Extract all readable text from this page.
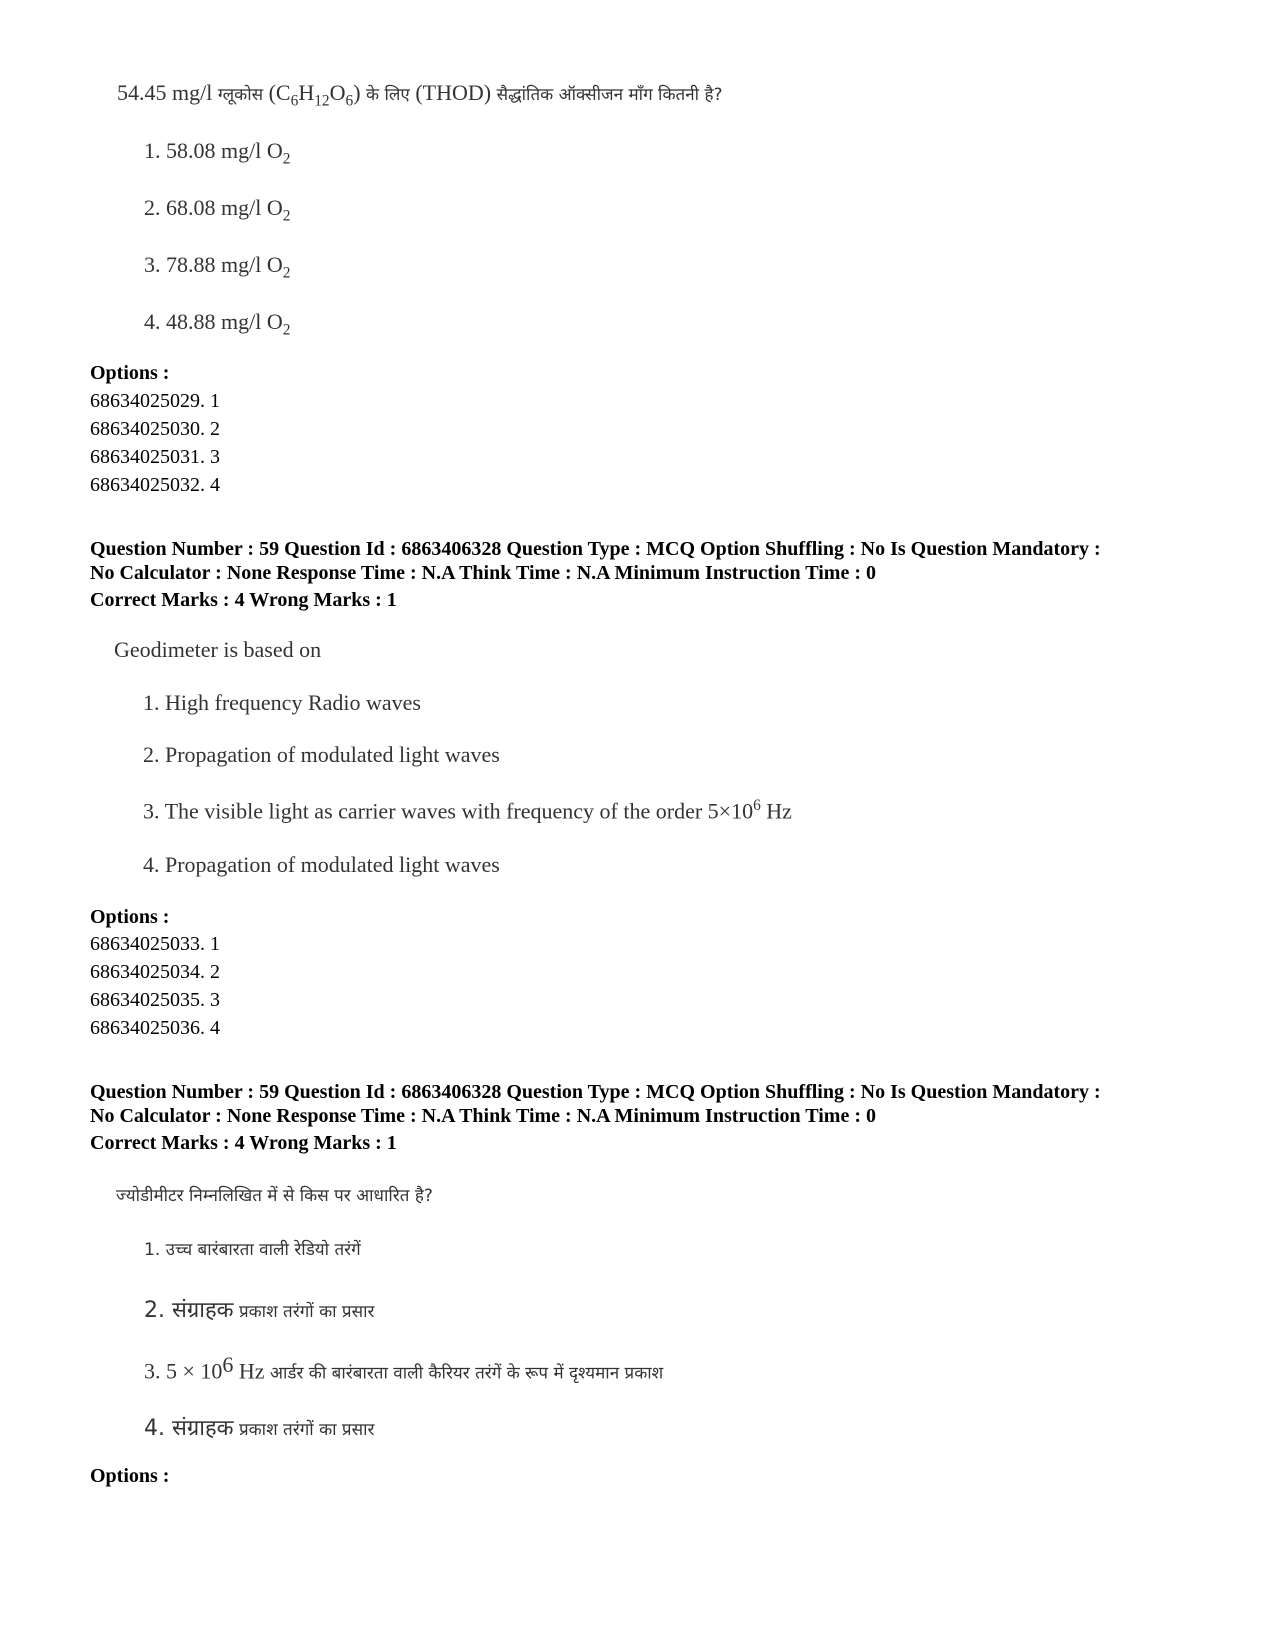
54.45 mg/l ग्लूकोस $(C_6H_{12}O_6)$ के लिए (THOD) सैद्धांतिक ऑक्सीजन माँग कितनी है?
1. 58.08 mg/l $O_2$
2. 68.08 mg/l $O_2$
3. 78.88 mg/l $O_2$
4. 48.88 mg/l $O_2$
Options :
68634025029. 1
68634025030. 2
68634025031. 3
68634025032. 4
Question Number : 59 Question Id : 6863406328 Question Type : MCQ Option Shuffling : No Is Question Mandatory :
No Calculator : None Response Time : N.A Think Time : N.A Minimum Instruction Time : 0
Correct Marks : 4 Wrong Marks : 1
Geodimeter is based on
1. High frequency Radio waves
2. Propagation of modulated light waves
3. The visible light as carrier waves with frequency of the order $5\times 10^6$ Hz
4. Propagation of modulated light waves
Options :
68634025033. 1
68634025034. 2
68634025035. 3
68634025036. 4
Question Number : 59 Question Id : 6863406328 Question Type : MCQ Option Shuffling : No Is Question Mandatory :
No Calculator : None Response Time : N.A Think Time : N.A Minimum Instruction Time : 0
Correct Marks : 4 Wrong Marks : 1
ज्योडीमीटर निम्नलिखित में से किस पर आधारित है?
1. उच्च बारंबारता वाली रेडियो तरंगें
2. संग्राहक प्रकाश तरंगों का प्रसार
3. $5 \times 10^6$ Hz आर्डर की बारंबारता वाली कैरियर तरंगें के रूप में दृश्यमान प्रकाश
4. संग्राहक प्रकाश तरंगों का प्रसार
Options :
